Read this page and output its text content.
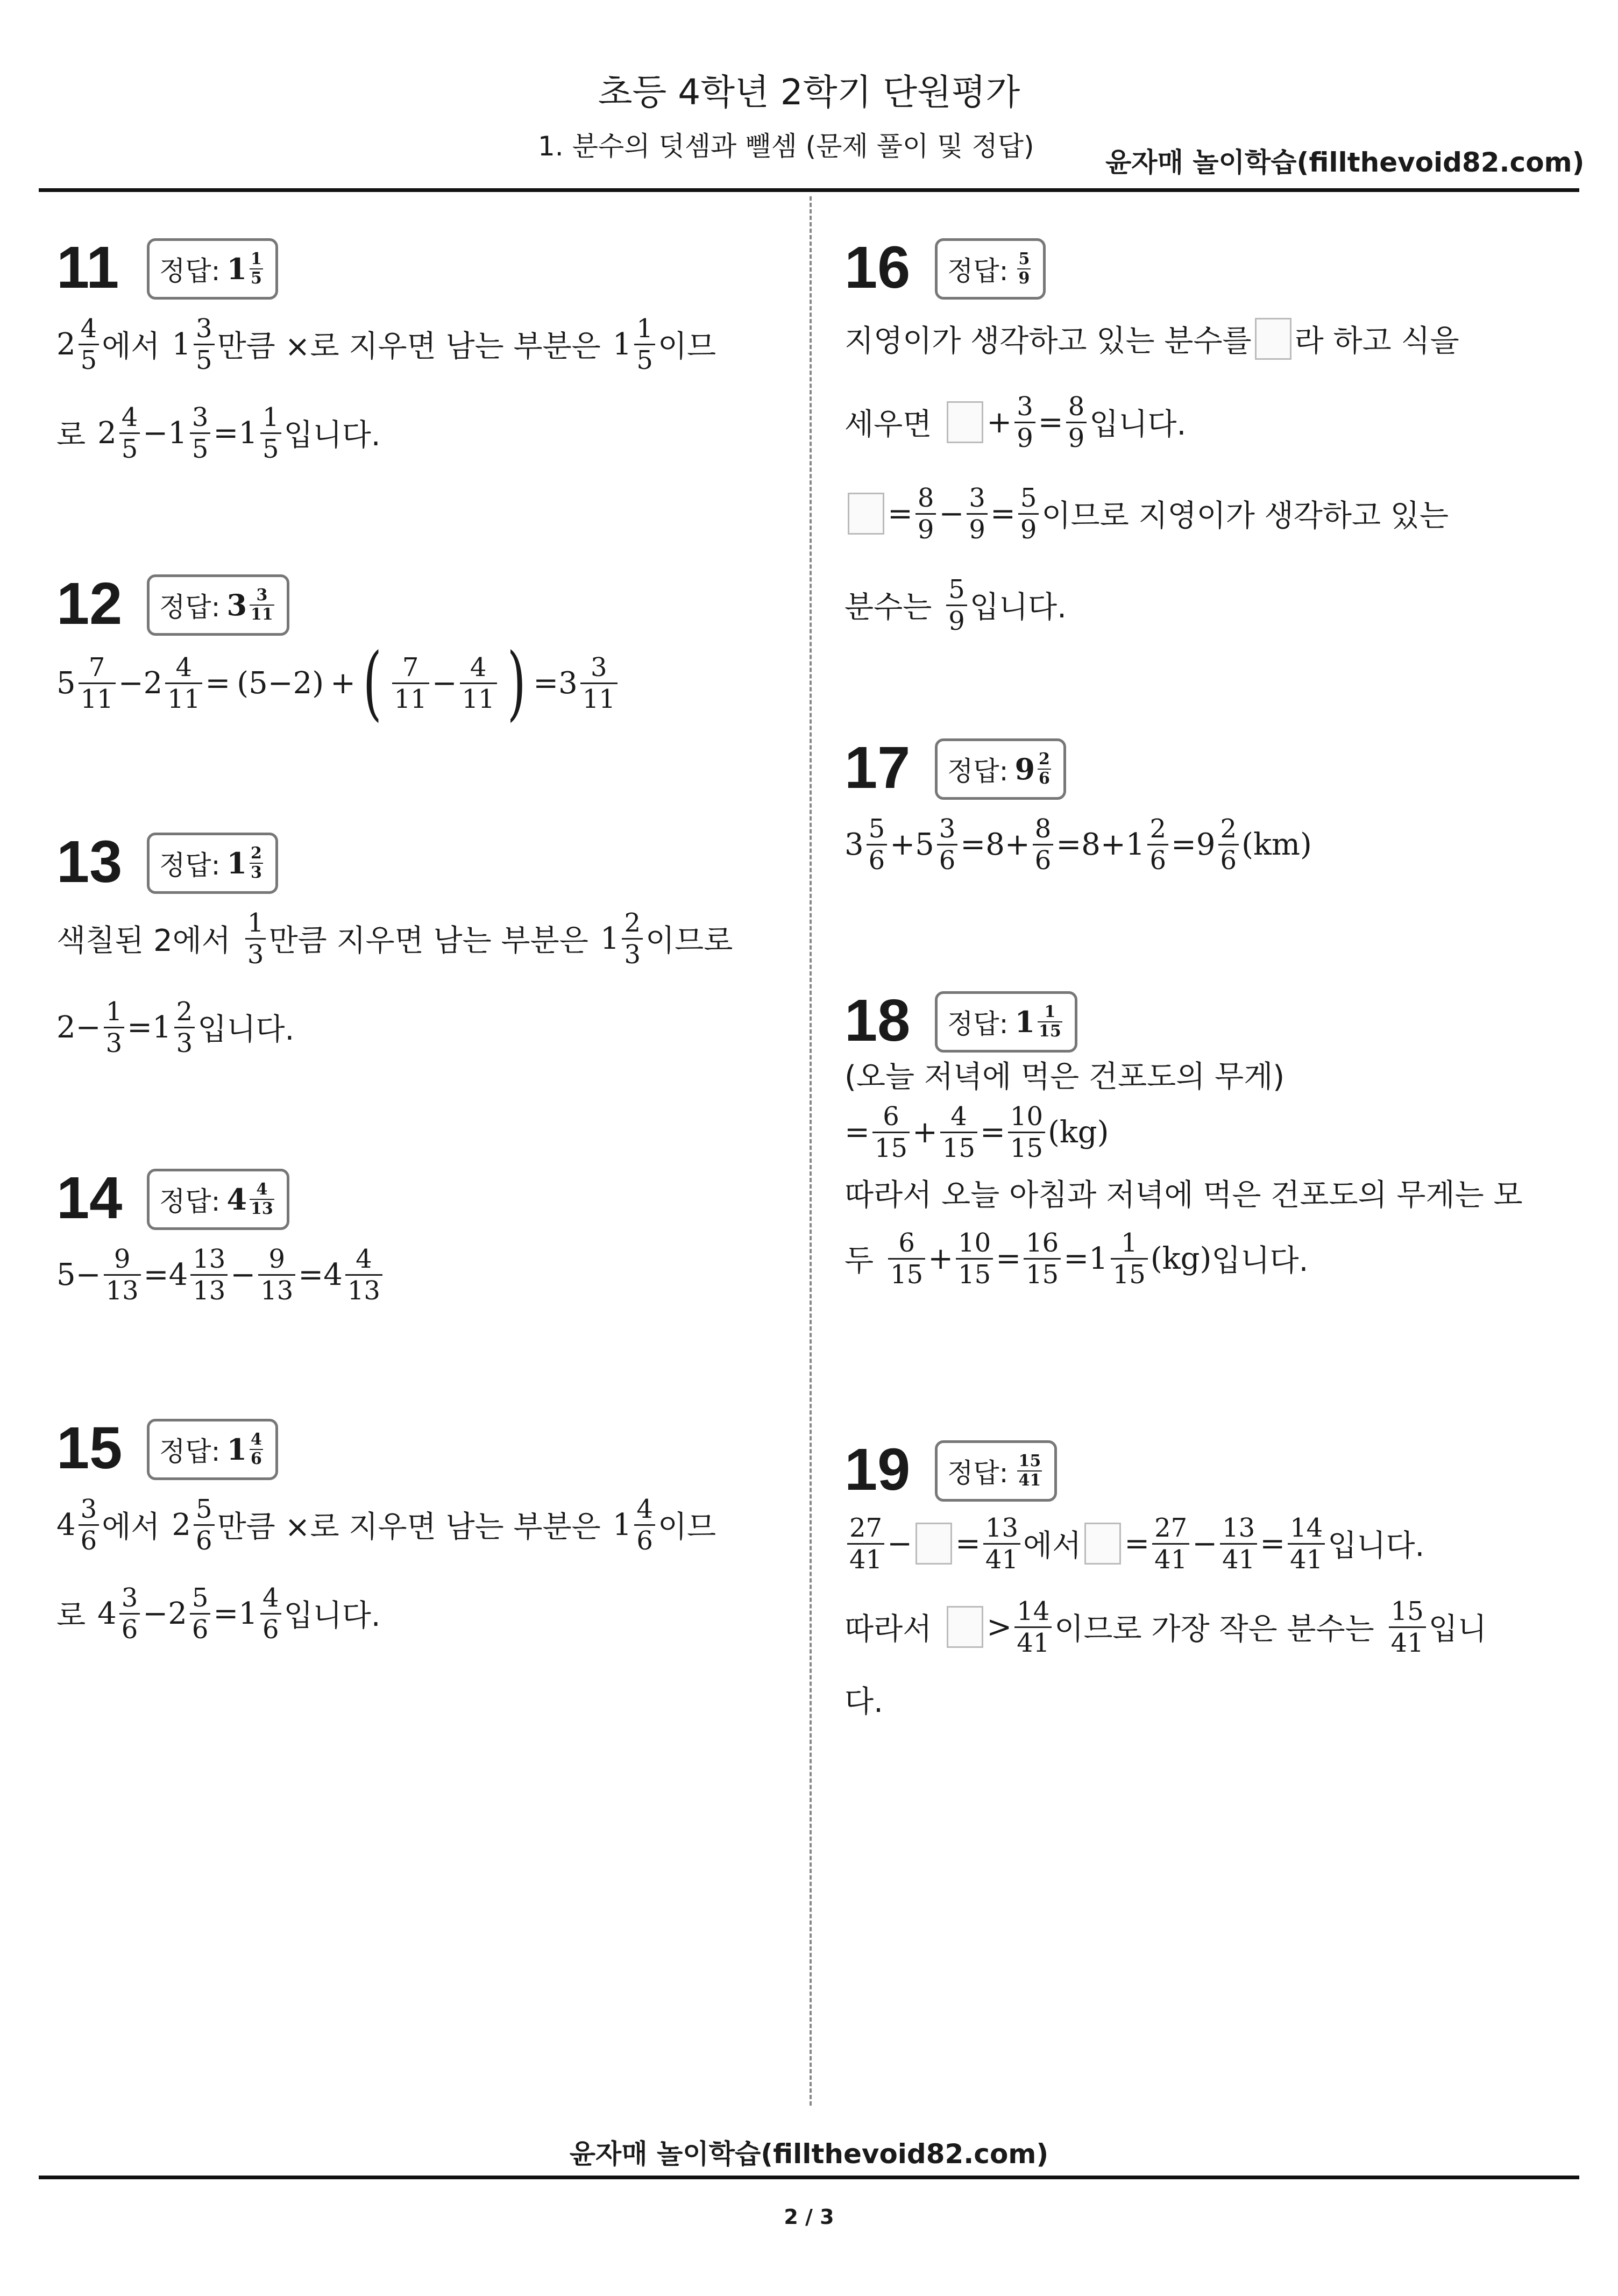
초등 4학년 2학기 단원평가
1. 분수의 덧셈과 뺄셈 (문제 풀이 및 정답)
윤자매 놀이학습(fillthevoid82.com)
11 정답: $1 \frac{1}{5}$
$2 \frac{4}{5}$ 에서 $1 \frac{3}{5}$ 만큼 ×로 지우면 남는 부분은 $1 \frac{1}{5}$ 이므
로 $2 \frac{4}{5} -1 \frac{3}{5} =1 \frac{1}{5}$ 입니다.
12 정답: $3 \frac{3}{11}$
$5 \frac{7}{11} -2 \frac{4}{11} = (5-2)$ + ( $\frac{7}{11} - \frac{4}{11}$ ) $=3 \frac{3}{11}$
13 정답: $1 \frac{2}{3}$
색칠된 2에서 $\frac{1}{3}$ 만큼 지우면 남는 부분은 $1 \frac{2}{3}$ 이므로
$2- \frac{1}{3} =1 \frac{2}{3}$ 입니다.
14 정답: $4 \frac{4}{13}$
$5- \frac{9}{13} =4 \frac{13}{13} - \frac{9}{13} =4 \frac{4}{13}$
15 정답: $1 \frac{4}{6}$
$4 \frac{3}{6}$ 에서 $2 \frac{5}{6}$ 만큼 ×로 지우면 남는 부분은 $1 \frac{4}{6}$ 이므
로 $4 \frac{3}{6} -2 \frac{5}{6} =1 \frac{4}{6}$ 입니다.
16 정답: $\frac{5}{9}$
지영이가 생각하고 있는 분수를 라 하고 식을
세우면 + $\frac{3}{9} = \frac{8}{9}$ 입니다.
= $\frac{8}{9} - \frac{3}{9} = \frac{5}{9}$ 이므로 지영이가 생각하고 있는
분수는 $\frac{5}{9}$ 입니다.
17 정답: $9 \frac{2}{6}$
$3 \frac{5}{6} +5 \frac{3}{6} =8+ \frac{8}{6} =8+1 \frac{2}{6} =9 \frac{2}{6} (km)$
18 정답: $1 \frac{1}{15}$
(오늘 저녁에 먹은 건포도의 무게)
= $\frac{6}{15} + \frac{4}{15} = \frac{10}{15} (kg)$
따라서 오늘 아침과 저녁에 먹은 건포도의 무게는 모
두 $\frac{6}{15} + \frac{10}{15} = \frac{16}{15} =1 \frac{1}{15} (kg)$ 입니다.
19 정답: $\frac{15}{41}$
$\frac{27}{41}$ − = $\frac{13}{41}$ 에서 = $\frac{27}{41} - \frac{13}{41} = \frac{14}{41}$ 입니다.
따라서 > $\frac{14}{41}$ 이므로 가장 작은 분수는 $\frac{15}{41}$ 입니
다.
윤자매 놀이학습(fillthevoid82.com)
2 / 3
